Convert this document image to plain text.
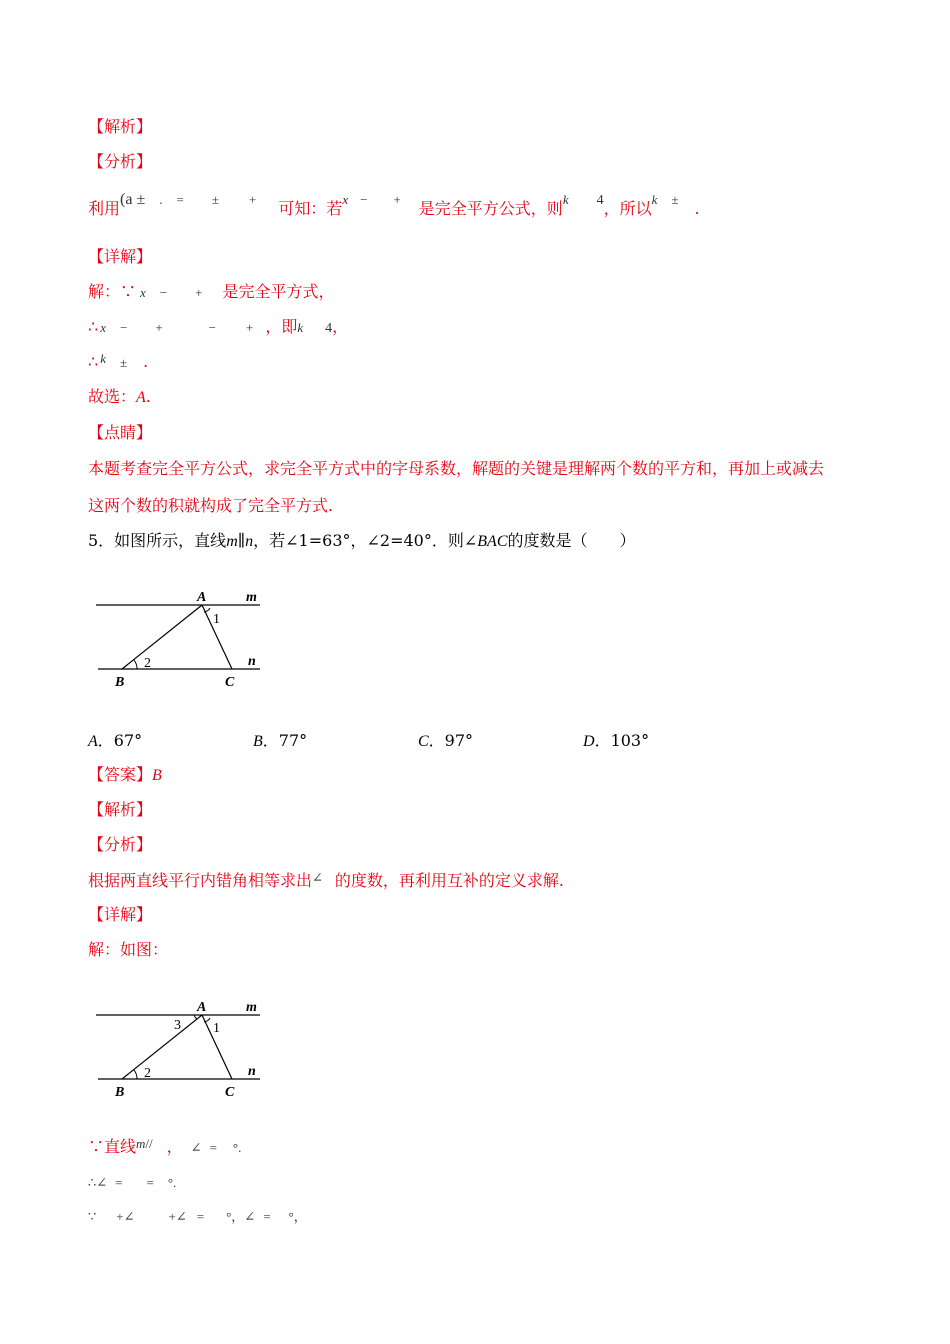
【解析】
【分析】
利用(a ± . = ± + 可知：若$^x$ − + 是完全平方公式，则$^k$ 4，所以$^k$ ± .
【详解】
解：∵ x − + 是完全平方式，
∴ x − +	− + ，即k 4，
∴ $^k$ ± .
故选：A.
【点睛】
本题考查完全平方公式，求完全平方式中的字母系数，解题的关键是理解两个数的平方和，再加上或减去
这两个数的积就构成了完全平方式.
5．如图所示，直线m∥n，若∠1=63°，∠2=40°．则∠BAC的度数是（　　）
A	m
1
2	n
B	C
A．67°	B．77°	C．97°	D．103°
【答案】B
【解析】
【分析】
根据两直线平行内错角相等求出∠ 的度数，再利用互补的定义求解.
【详解】
解：如图：
A	m
1
3
2	n
B	C
∵直线$^{m//}$ ， ∠ = °.
∴∠ = = °.
∵ +∠	+∠ = °，∠ = °，
